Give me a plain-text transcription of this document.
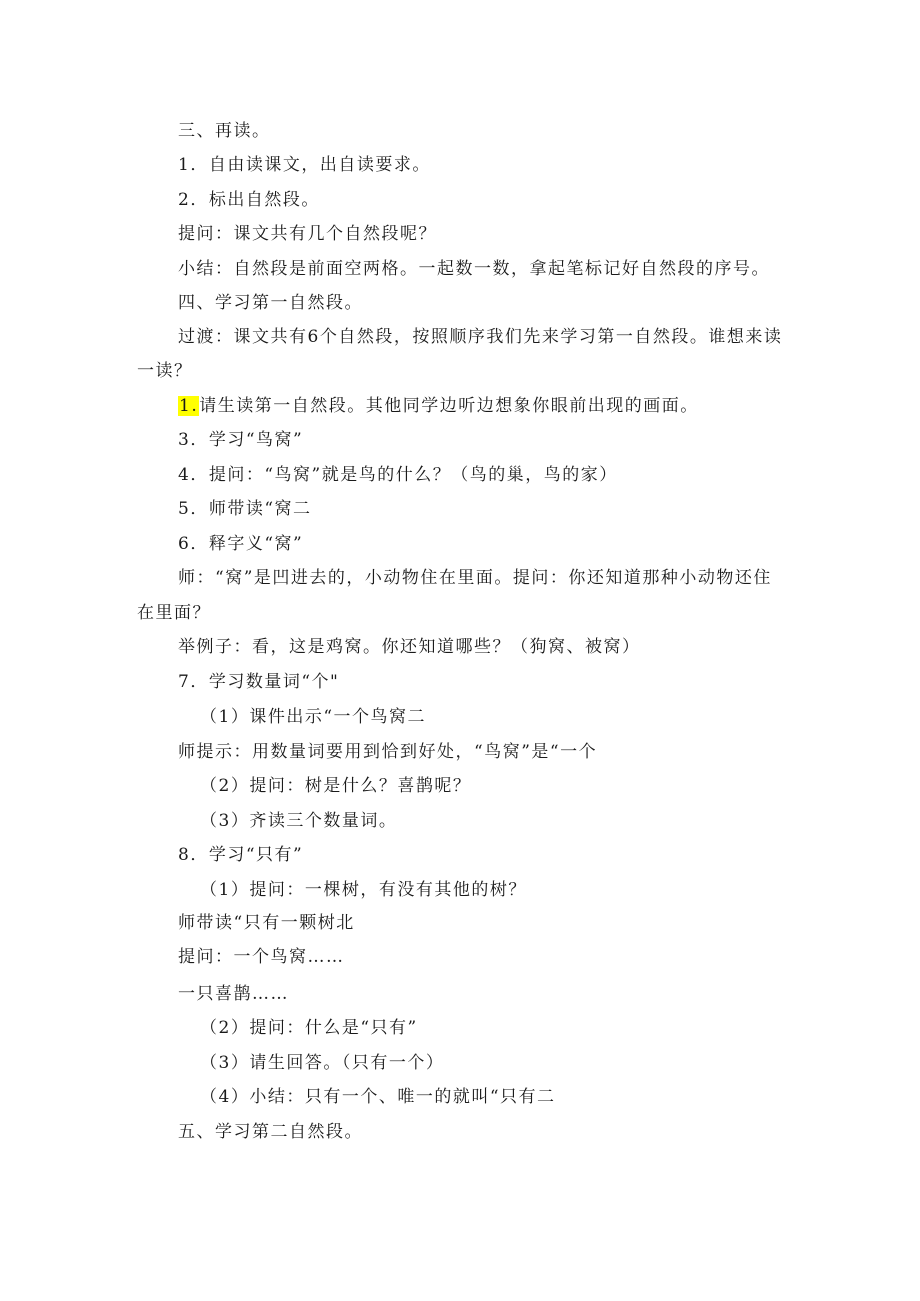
三、再读。
1．自由读课文，出自读要求。
2．标出自然段。
提问：课文共有几个自然段呢？
小结：自然段是前面空两格。一起数一数，拿起笔标记好自然段的序号。
四、学习第一自然段。
过渡：课文共有6个自然段，按照顺序我们先来学习第一自然段。谁想来读
一读？
1.请生读第一自然段。其他同学边听边想象你眼前出现的画面。
3．学习“鸟窝”
4．提问：“鸟窝”就是鸟的什么？（鸟的巢，鸟的家）
5．师带读“窝二
6．释字义“窝”
师：“窝”是凹进去的，小动物住在里面。提问：你还知道那种小动物还住
在里面？
举例子：看，这是鸡窝。你还知道哪些？（狗窝、被窝）
7．学习数量词“个"
（1）课件出示“一个鸟窝二
师提示：用数量词要用到恰到好处，“鸟窝”是“一个
（2）提问：树是什么？喜鹊呢？
（3）齐读三个数量词。
8．学习“只有”
（1）提问：一棵树，有没有其他的树？
师带读“只有一颗树北
提问：一个鸟窝……
一只喜鹊……
（2）提问：什么是“只有”
（3）请生回答。（只有一个）
（4）小结：只有一个、唯一的就叫“只有二
五、学习第二自然段。
